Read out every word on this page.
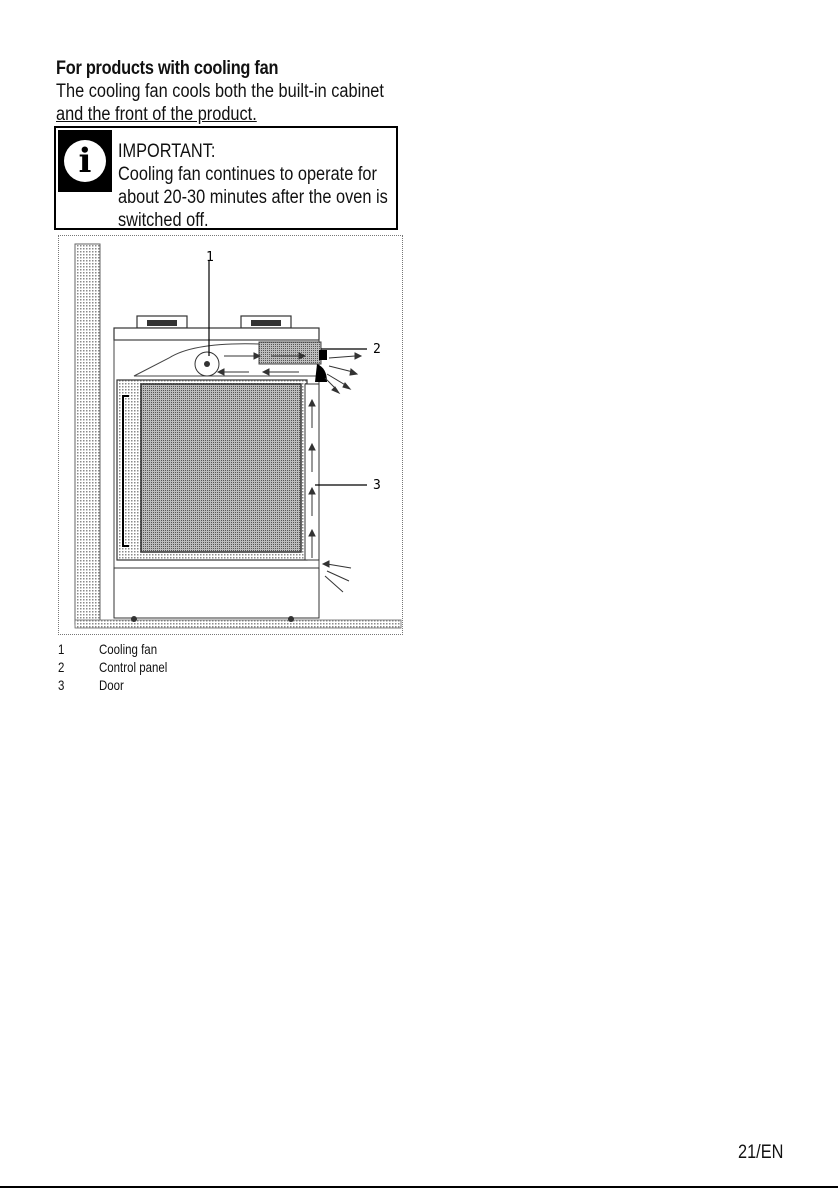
For products with cooling fan
The cooling fan cools both the built-in cabinet
and the front of the product.
i	IMPORTANT:
Cooling fan continues to operate for
about 20-30 minutes after the oven is
switched off.
1
2
3
1	Cooling fan
2	Control panel
3	Door
21/EN
